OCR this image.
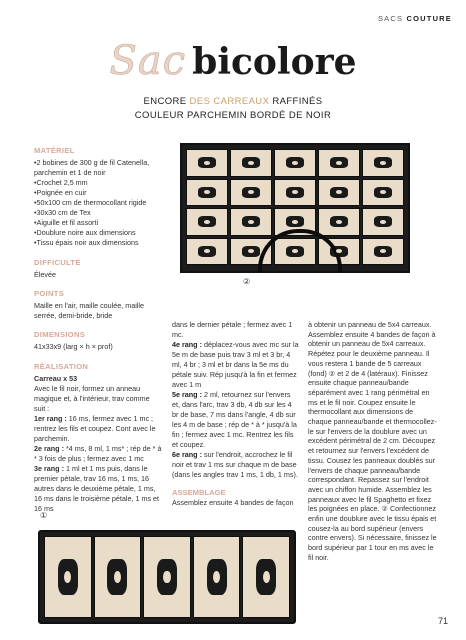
SACS COUTURE
Sac bicolore
ENCORE DES CARREAUX RAFFINÉS
COULEUR PARCHEMIN BORDÉ DE NOIR
MATÉRIEL
• 2 bobines de 300 g de fil Catenella, parchemin et 1 de noir
• Crochet 2,5 mm
• Poignée en cuir
• 50x100 cm de thermocollant rigide
• 30x30 cm de Tex
• Aiguille et fil assorti
• Doublure noire aux dimensions
• Tissu épais noir aux dimensions
DIFFICULTÉ

Élevée

POINTS

Maille en l'air, maille coulée, maille serrée, demi-bride, bride

DIMENSIONS

41x33x9 (larg × h × prof)

RÉALISATION

Carreau x 53

Avec le fil noir, formez un anneau magique et, à l'intérieur, trav comme suit :

1er rang : 16 ms, fermez avec 1 mc ; rentrez les fils et coupez. Cont avec le parchemin.

2e rang : *4 ms, 8 ml, 1 ms* ; rép de * à * 3 fois de plus ; fermez avec 1 mc

3e rang : 1 ml et 1 ms puis, dans le premier pétale, trav 16 ms, 1 ms, 16 autres dans le deuxième pétale, 1 ms, 16 ms dans le troisième pétale, 1 ms et 16 ms

dans le dernier pétale ; fermez avec 1 mc.

4e rang : déplacez-vous avec mc sur la 5e m de base puis trav 3 ml et 3 br, 4 ml, 4 br ; 3 ml et br dans la 5e ms du pétale suiv. Rép jusqu'à la fin et fermez avec 1 m

5e rang : 2 ml, retournez sur l'envers et, dans l'arc, trav 3 db, 4 db sur les 4 br de base, 7 ms dans l'angle, 4 db sur les 4 m de base ; rép de * à * jusqu'à la fin ; fermez avec 1 mc. Rentrez les fils et coupez.

6e rang : sur l'endroit, accrochez le fil noir et trav 1 ms sur chaque m de base (dans les angles trav 1 ms, 1 db, 1 ms).

ASSEMBLAGE

Assemblez ensuite 4 bandes de façon

à obtenir un panneau de 5x4 carreaux. Assemblez ensuite 4 bandes de façon à obtenir un panneau de 5x4 carreaux. Répétez pour le deuxième panneau. Il vous restera 1 bande de 5 carreaux (fond) ② et 2 de 4 (latéraux). Finissez ensuite chaque panneau/bande séparément avec 1 rang périmétral en ms et le fil noir. Coupez ensuite le thermocollant aux dimensions de chaque panneau/bande et thermocollez-le sur l'envers de la doublure avec un excédent périmétral de 2 cm. Découpez et retournez sur l'envers l'excédent de tissu. Cousez les panneaux doublés sur l'envers de chaque panneau/bande correspondant. Repassez sur l'endroit avec un chiffon humide. Assemblez les panneaux avec le fil Spaghetto et fixez les poignées en place. ② Confectionnez enfin une doublure avec le tissu épais et cousez-la au bord supérieur (envers contre envers). Si nécessaire, finissez le bord supérieur par 1 tour en ms avec le fil noir.

②
①
71
